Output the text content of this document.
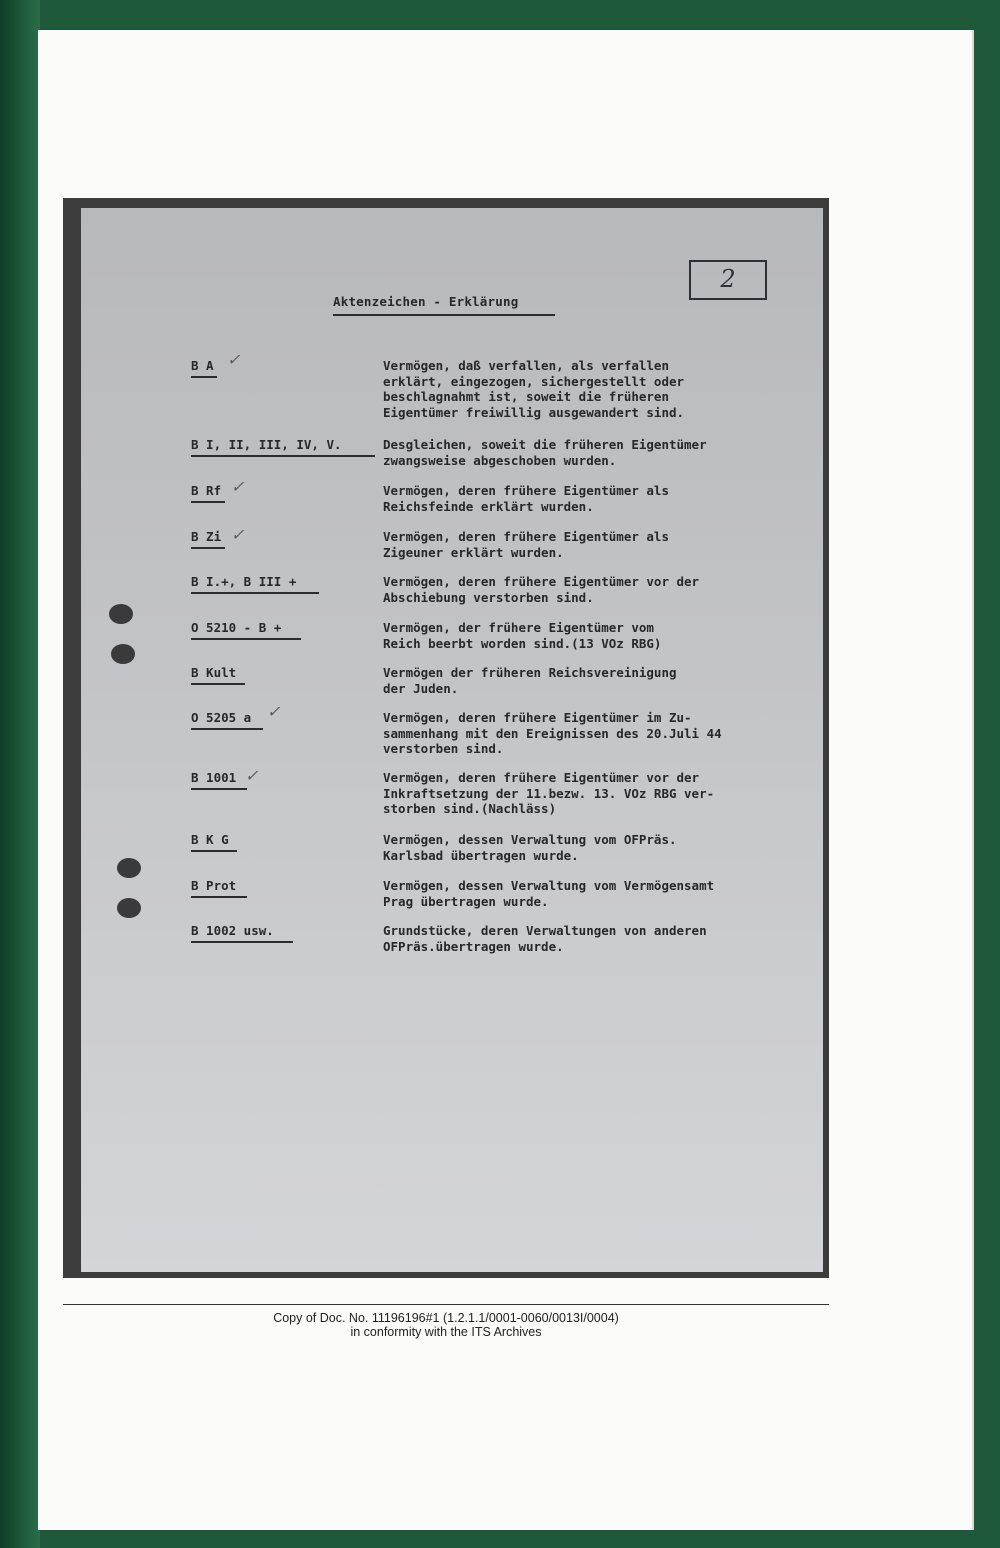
Aktenzeichen - Erklärung
2
B A ✓	Vermögen, daß verfallen, als verfallen
erklärt, eingezogen, sichergestellt oder
beschlagnahmt ist, soweit die früheren
Eigentümer freiwillig ausgewandert sind.
B I, II, III, IV, V.	Desgleichen, soweit die früheren Eigentümer
zwangsweise abgeschoben wurden.
B Rf ✓	Vermögen, deren frühere Eigentümer als
Reichsfeinde erklärt wurden.
B Zi ✓	Vermögen, deren frühere Eigentümer als
Zigeuner erklärt wurden.
B I.+, B III +	Vermögen, deren frühere Eigentümer vor der
Abschiebung verstorben sind.
O 5210 - B +	Vermögen, der frühere Eigentümer vom
Reich beerbt worden sind.(13 VOz RBG)
B Kult	Vermögen der früheren Reichsvereinigung
der Juden.
O 5205 a ✓	Vermögen, deren frühere Eigentümer im Zu-
sammenhang mit den Ereignissen des 20.Juli 44
verstorben sind.
B 1001 ✓	Vermögen, deren frühere Eigentümer vor der
Inkraftsetzung der 11.bezw. 13. VOz RBG ver-
storben sind.(Nachläss)
B K G	Vermögen, dessen Verwaltung vom OFPräs.
Karlsbad übertragen wurde.
B Prot	Vermögen, dessen Verwaltung vom Vermögensamt
Prag übertragen wurde.
B 1002 usw.	Grundstücke, deren Verwaltungen von anderen
OFPräs.übertragen wurde.
Copy of Doc. No. 11196196#1 (1.2.1.1/0001-0060/0013I/0004)
in conformity with the ITS Archives
